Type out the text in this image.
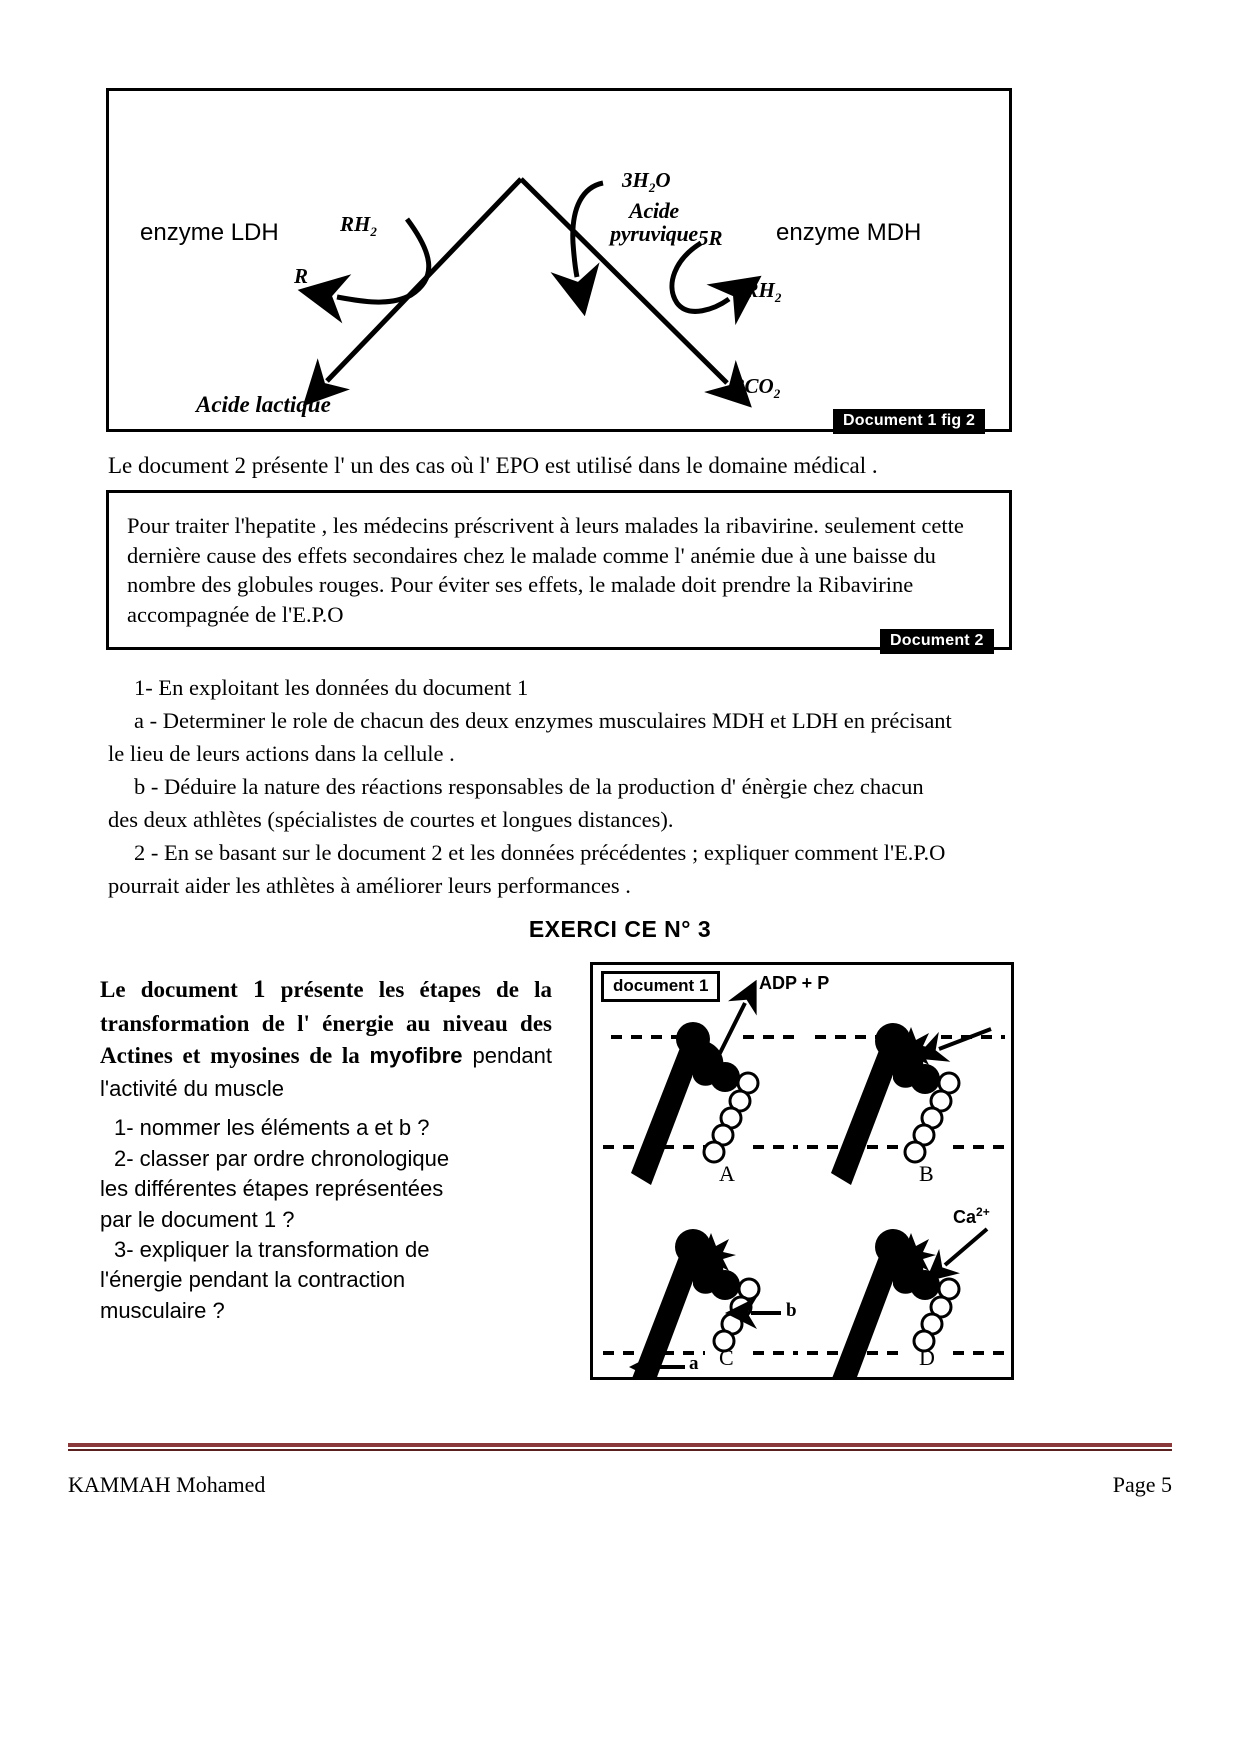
Acide
pyruvique
enzyme LDH	enzyme MDH
$RH_2$
R
$3H_2O$
5R
$5RH_2$
$3CO_2$
Acide lactique
Document 1 fig 2
Le document 2 présente l' un des cas où l' EPO est utilisé dans le domaine médical .
Pour traiter l'hepatite , les médecins préscrivent à leurs malades la ribavirine. seulement cette dernière cause des effets secondaires chez le malade comme l' anémie due à une baisse du nombre des globules rouges. Pour éviter ses effets, le malade doit prendre la Ribavirine accompagnée de l'E.P.O
Document 2

1- En exploitant les données du document 1

a - Determiner le role de chacun des deux enzymes musculaires MDH et LDH en précisant

le lieu de leurs actions dans la cellule .

b - Déduire la nature des réactions responsables de la production d' énèrgie chez chacun

des deux athlètes (spécialistes de courtes et longues distances).

2 - En se basant sur le document 2 et les données précédentes ; expliquer comment l'E.P.O

pourrait aider les athlètes à améliorer leurs performances .

EXERCI CE N° 3

Le document 1 présente les étapes de la transformation de l' énergie au niveau des Actines et myosines de la myofibre pendant l'activité du muscle

1- nommer les éléments a et b ?

2- classer par ordre chronologique

les différentes étapes représentées

par le document 1 ?

3- expliquer la transformation de

l'énergie pendant la contraction

musculaire ?

document 1	ADP + P
$Ca^{2+}$
b
a
A	B
C	D
KAMMAH Mohamed	Page 5
